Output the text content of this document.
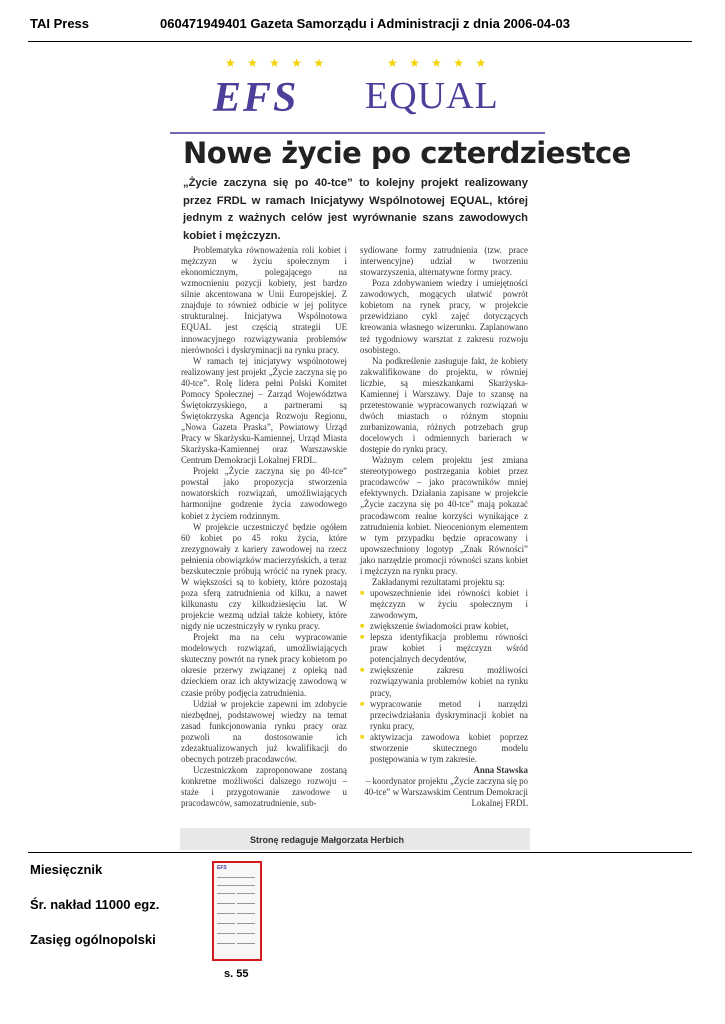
TAI Press	060471949401 Gazeta Samorządu i Administracji z dnia 2006-04-03
★ ★ ★ ★ ★
EFS
★ ★ ★ ★ ★
EQUAL
Nowe życie po czterdziestce
„Życie zaczyna się po 40-tce” to kolejny projekt realizowany przez FRDL w ramach Inicjatywy Wspólnotowej EQUAL, której jednym z ważnych celów jest wyrównanie szans zawodowych kobiet i mężczyzn.

Problematyka równoważenia roli kobiet i mężczyzn w życiu społecznym i ekonomicznym, polegającego na wzmocnieniu pozycji kobiety, jest bardzo silnie akcentowana w Unii Europejskiej. Z znajduje to również odbicie w jej polityce strukturalnej. Inicjatywa Wspólnotowa EQUAL jest częścią strategii UE innowacyjnego rozwiązywania problemów nierówności i dyskryminacji na rynku pracy.

W ramach tej inicjatywy wspólnotowej realizowany jest projekt „Życie zaczyna się po 40-tce”. Rolę lidera pełni Polski Komitet Pomocy Społecznej – Zarząd Województwa Świętokrzyskiego, a partnerami są Świętokrzyska Agencja Rozwoju Regionu, „Nowa Gazeta Praska”, Powiatowy Urząd Pracy w Skarżysku-Kamiennej, Urząd Miasta Skarżyska-Kamiennej oraz Warszawskie Centrum Demokracji Lokalnej FRDL.

Projekt „Życie zaczyna się po 40-tce” powstał jako propozycja stworzenia nowatorskich rozwiązań, umożliwiających harmonijne godzenie życia zawodowego kobiet z życiem rodzinnym.

W projekcie uczestniczyć będzie ogółem 60 kobiet po 45 roku życia, które zrezygnowały z kariery zawodowej na rzecz pełnienia obowiązków macierzyńskich, a teraz bezskutecznie próbują wrócić na rynek pracy. W większości są to kobiety, które pozostają poza sferą zatrudnienia od kilku, a nawet kilkunastu czy kilkudziesięciu lat. W projekcie wezmą udział także kobiety, które nigdy nie uczestniczyły w rynku pracy.

Projekt ma na celu wypracowanie modelowych rozwiązań, umożliwiających skuteczny powrót na rynek pracy kobietom po okresie przerwy związanej z opieką nad dzieckiem oraz ich aktywizację zawodową w czasie próby podjęcia zatrudnienia.

Udział w projekcie zapewni im zdobycie niezbędnej, podstawowej wiedzy na temat zasad funkcjonowania rynku pracy oraz pozwoli na dostosowanie ich zdezaktualizowanych już kwalifikacji do obecnych potrzeb pracodawców.

Uczestniczkom zaproponowane zostaną konkretne możliwości dalszego rozwoju – staże i przygotowanie zawodowe u pracodawców, samozatrudnienie, sub-

sydiowane formy zatrudnienia (tzw. prace interwencyjne) udział w tworzeniu stowarzyszenia, alternatywne formy pracy.

Poza zdobywaniem wiedzy i umiejętności zawodowych, mogących ułatwić powrót kobietom na rynek pracy, w projekcie przewidziano cykl zajęć dotyczących kreowania własnego wizerunku. Zaplanowano też tygodniowy warsztat z zakresu rozwoju osobistego.

Na podkreślenie zasługuje fakt, że kobiety zakwalifikowane do projektu, w równiej liczbie, są mieszkankami Skarżyska-Kamiennej i Warszawy. Daje to szansę na przetestowanie wypracowanych rozwiązań w dwóch miastach o różnym stopniu zurbanizowania, różnych potrzebach grup docelowych i odmiennych barierach w dostępie do rynku pracy.

Ważnym celem projektu jest zmiana stereotypowego postrzegania kobiet przez pracodawców – jako pracowników mniej efektywnych. Działania zapisane w projekcie „Życie zaczyna się po 40-tce” mają pokazać pracodawcom realne korzyści wynikające z zatrudnienia kobiet. Nieocenionym elementem w tym przypadku będzie opracowany i upowszechniony logotyp „Znak Równości” jako narzędzie promocji równości szans kobiet i mężczyzn na rynku pracy.

Zakładanymi rezultatami projektu są:

■ upowszechnienie idei równości kobiet i mężczyzn w życiu społecznym i zawodowym,
■ zwiększenie świadomości praw kobiet,
■ lepsza identyfikacja problemu równości praw kobiet i mężczyzn wśród potencjalnych decydentów,
■ zwiększenie zakresu możliwości rozwiązywania problemów kobiet na rynku pracy,
■ wypracowanie metod i narzędzi przeciwdziałania dyskryminacji kobiet na rynku pracy,
■ aktywizacja zawodowa kobiet poprzez stworzenie skutecznego modelu postępowania w tym zakresie.
Anna Stawska
– koordynator projektu „Życie zaczyna się po 40-tce” w Warszawskim Centrum Demokracji Lokalnej FRDL
Stronę redaguje Małgorzata Herbich
Miesięcznik
Śr. nakład 11000 egz.
Zasięg ogólnopolski
EFS
s. 55
